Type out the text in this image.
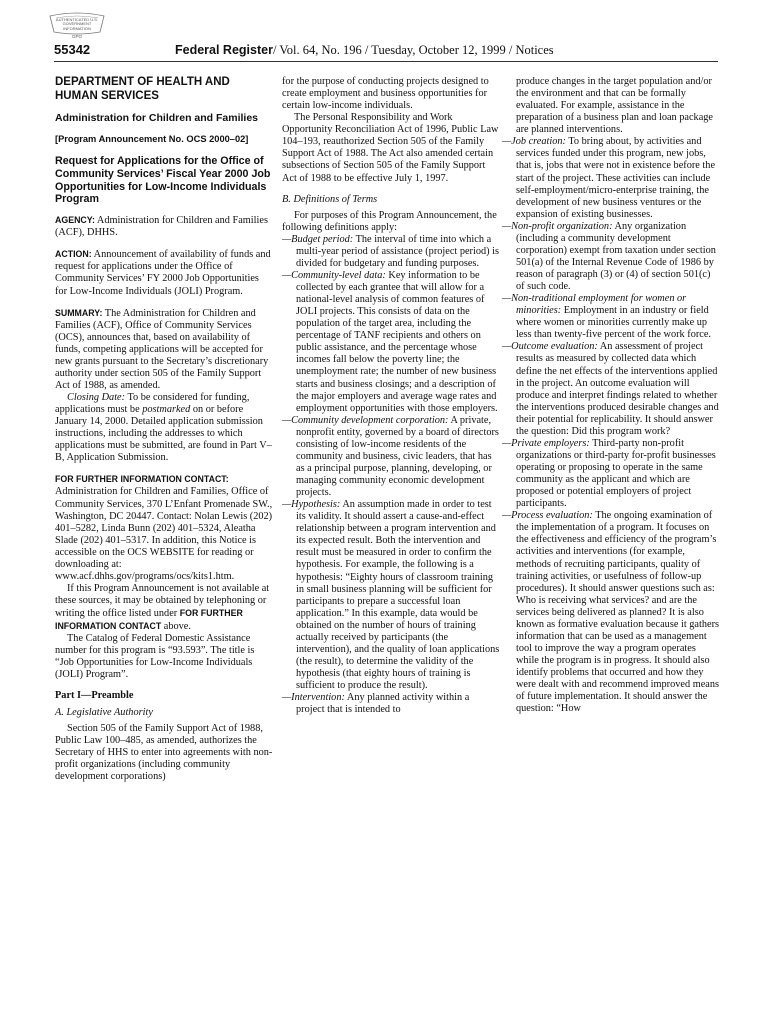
AUTHENTICATED U.S. GOVERNMENT INFORMATION
GPO
55342	Federal Register/ Vol. 64, No. 196 / Tuesday, October 12, 1999 / Notices

DEPARTMENT OF HEALTH AND HUMAN SERVICES

Administration for Children and Families

[Program Announcement No. OCS 2000–02]

Request for Applications for the Office of Community Services’ Fiscal Year 2000 Job Opportunities for Low-Income Individuals Program

AGENCY: Administration for Children and Families (ACF), DHHS.

ACTION: Announcement of availability of funds and request for applications under the Office of Community Services’ FY 2000 Job Opportunities for Low-Income Individuals (JOLI) Program.

SUMMARY: The Administration for Children and Families (ACF), Office of Community Services (OCS), announces that, based on availability of funds, competing applications will be accepted for new grants pursuant to the Secretary’s discretionary authority under section 505 of the Family Support Act of 1988, as amended.

Closing Date: To be considered for funding, applications must be postmarked on or before January 14, 2000. Detailed application submission instructions, including the addresses to which applications must be submitted, are found in Part V–B, Application Submission.

FOR FURTHER INFORMATION CONTACT: Administration for Children and Families, Office of Community Services, 370 L’Enfant Promenade SW., Washington, DC 20447. Contact: Nolan Lewis (202) 401–5282, Linda Bunn (202) 401–5324, Aleatha Slade (202) 401–5317. In addition, this Notice is accessible on the OCS WEBSITE for reading or downloading at: www.acf.dhhs.gov/programs/ocs/kits1.htm.

If this Program Announcement is not available at these sources, it may be obtained by telephoning or writing the office listed under FOR FURTHER INFORMATION CONTACT above.

The Catalog of Federal Domestic Assistance number for this program is “93.593”. The title is “Job Opportunities for Low-Income Individuals (JOLI) Program”.

Part I—Preamble

A. Legislative Authority

Section 505 of the Family Support Act of 1988, Public Law 100–485, as amended, authorizes the Secretary of HHS to enter into agreements with non-profit organizations (including community development corporations)

for the purpose of conducting projects designed to create employment and business opportunities for certain low-income individuals.

The Personal Responsibility and Work Opportunity Reconciliation Act of 1996, Public Law 104–193, reauthorized Section 505 of the Family Support Act of 1988. The Act also amended certain subsections of Section 505 of the Family Support Act of 1988 to be effective July 1, 1997.

B. Definitions of Terms

For purposes of this Program Announcement, the following definitions apply:

—Budget period: The interval of time into which a multi-year period of assistance (project period) is divided for budgetary and funding purposes.

—Community-level data: Key information to be collected by each grantee that will allow for a national-level analysis of common features of JOLI projects. This consists of data on the population of the target area, including the percentage of TANF recipients and others on public assistance, and the percentage whose incomes fall below the poverty line; the unemployment rate; the number of new business starts and business closings; and a description of the major employers and average wage rates and employment opportunities with those employers.

—Community development corporation: A private, nonprofit entity, governed by a board of directors consisting of low-income residents of the community and business, civic leaders, that has as a principal purpose, planning, developing, or managing community economic development projects.

—Hypothesis: An assumption made in order to test its validity. It should assert a cause-and-effect relationship between a program intervention and its expected result. Both the intervention and result must be measured in order to confirm the hypothesis. For example, the following is a hypothesis: “Eighty hours of classroom training in small business planning will be sufficient for participants to prepare a successful loan application.” In this example, data would be obtained on the number of hours of training actually received by participants (the intervention), and the quality of loan applications (the result), to determine the validity of the hypothesis (that eighty hours of training is sufficient to produce the result).

—Intervention: Any planned activity within a project that is intended to

produce changes in the target population and/or the environment and that can be formally evaluated. For example, assistance in the preparation of a business plan and loan package are planned interventions.

—Job creation: To bring about, by activities and services funded under this program, new jobs, that is, jobs that were not in existence before the start of the project. These activities can include self-employment/micro-enterprise training, the development of new business ventures or the expansion of existing businesses.

—Non-profit organization: Any organization (including a community development corporation) exempt from taxation under section 501(a) of the Internal Revenue Code of 1986 by reason of paragraph (3) or (4) of section 501(c) of such code.

—Non-traditional employment for women or minorities: Employment in an industry or field where women or minorities currently make up less than twenty-five percent of the work force.

—Outcome evaluation: An assessment of project results as measured by collected data which define the net effects of the interventions applied in the project. An outcome evaluation will produce and interpret findings related to whether the interventions produced desirable changes and their potential for replicability. It should answer the question: Did this program work?

—Private employers: Third-party non-profit organizations or third-party for-profit businesses operating or proposing to operate in the same community as the applicant and which are proposed or potential employers of project participants.

—Process evaluation: The ongoing examination of the implementation of a program. It focuses on the effectiveness and efficiency of the program’s activities and interventions (for example, methods of recruiting participants, quality of training activities, or usefulness of follow-up procedures). It should answer questions such as: Who is receiving what services? and are the services being delivered as planned? It is also known as formative evaluation because it gathers information that can be used as a management tool to improve the way a program operates while the program is in progress. It should also identify problems that occurred and how they were dealt with and recommend improved means of future implementation. It should answer the question: “How
